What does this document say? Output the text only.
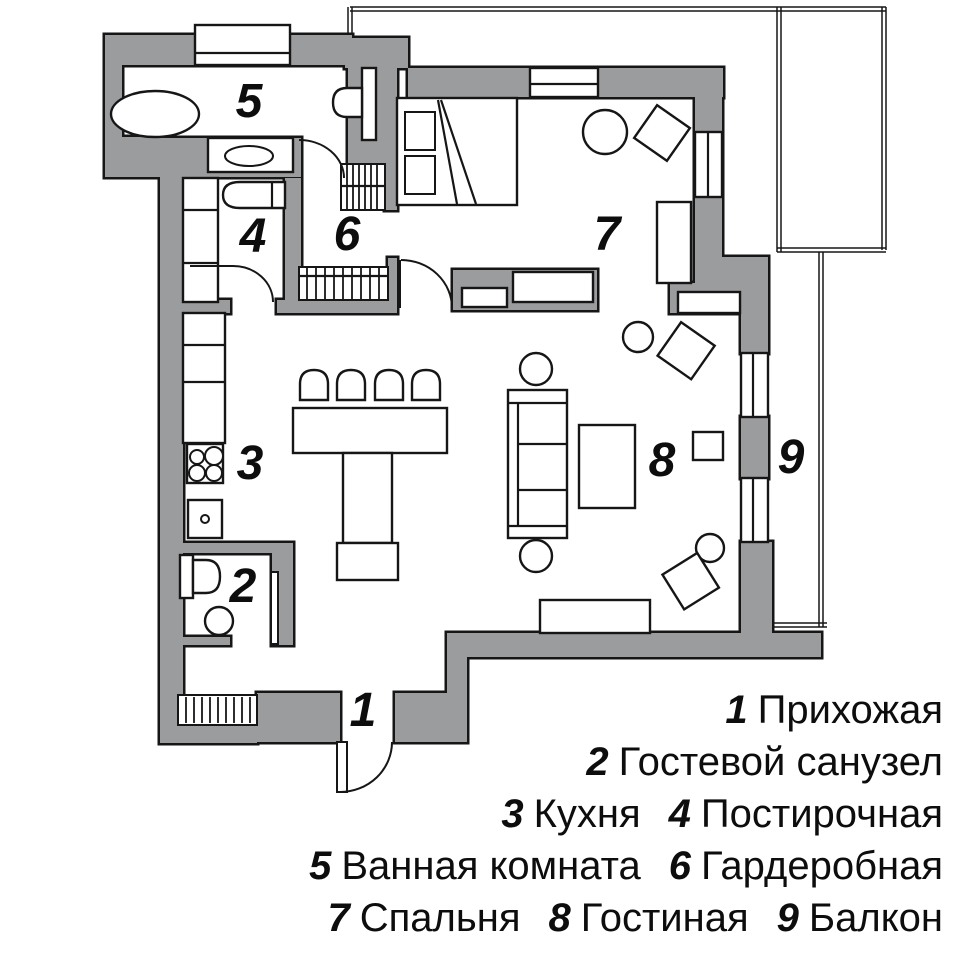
1
2
3
4
5
6	7
8 9
1 Прихожая
2 Гостевой санузел
3 Кухня 4 Постирочная
5 Ванная комната 6 Гардеробная
7 Спальня 8 Гостиная 9 Балкон
